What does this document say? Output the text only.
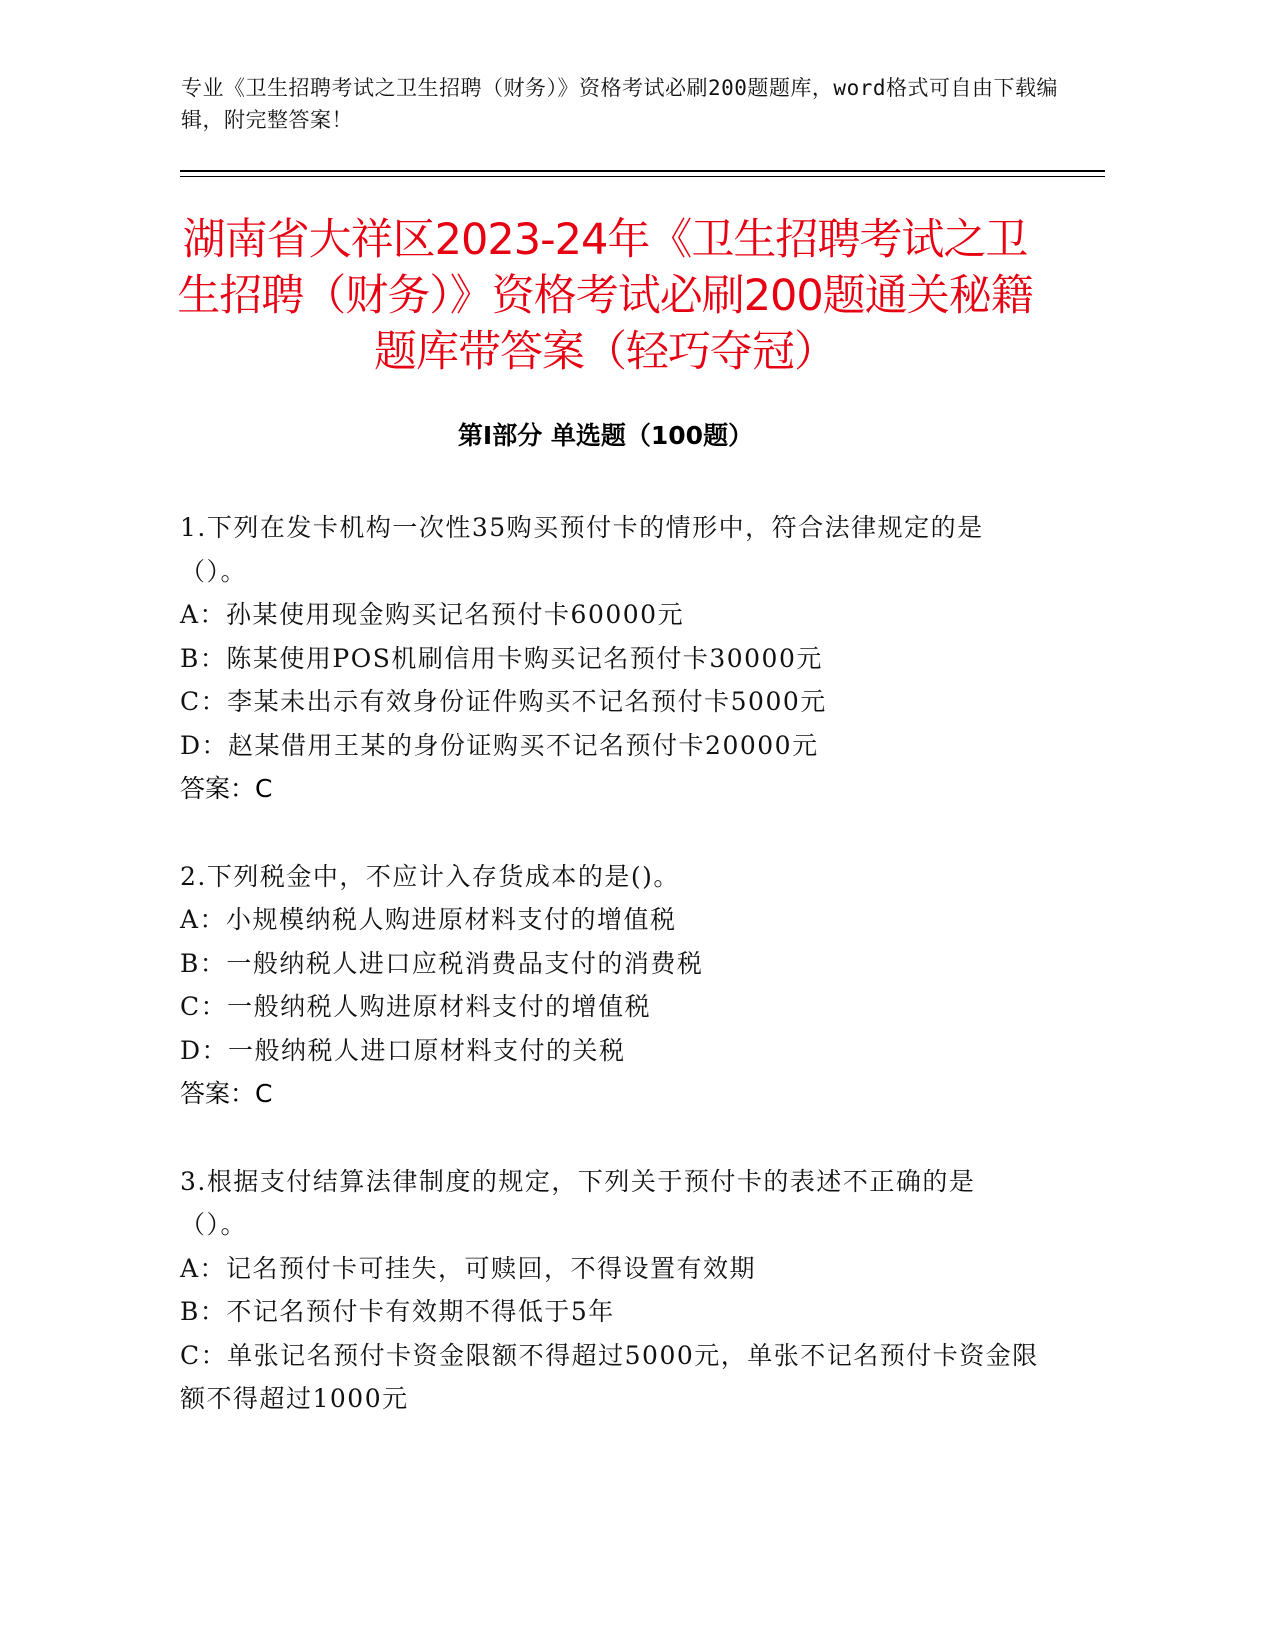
专业《卫生招聘考试之卫生招聘（财务）》资格考试必刷200题题库，word格式可自由下载编辑，附完整答案！
湖南省大祥区2023-24年《卫生招聘考试之卫生招聘（财务）》资格考试必刷200题通关秘籍题库带答案（轻巧夺冠）
第Ⅰ部分 单选题（100题）

1.下列在发卡机构一次性35购买预付卡的情形中，符合法律规定的是（）。

A：孙某使用现金购买记名预付卡60000元

B：陈某使用POS机刷信用卡购买记名预付卡30000元

C：李某未出示有效身份证件购买不记名预付卡5000元

D：赵某借用王某的身份证购买不记名预付卡20000元

答案：C

2.下列税金中，不应计入存货成本的是()。

A：小规模纳税人购进原材料支付的增值税

B：一般纳税人进口应税消费品支付的消费税

C：一般纳税人购进原材料支付的增值税

D：一般纳税人进口原材料支付的关税

答案：C

3.根据支付结算法律制度的规定，下列关于预付卡的表述不正确的是（）。

A：记名预付卡可挂失，可赎回，不得设置有效期

B：不记名预付卡有效期不得低于5年

C：单张记名预付卡资金限额不得超过5000元，单张不记名预付卡资金限额不得超过1000元
